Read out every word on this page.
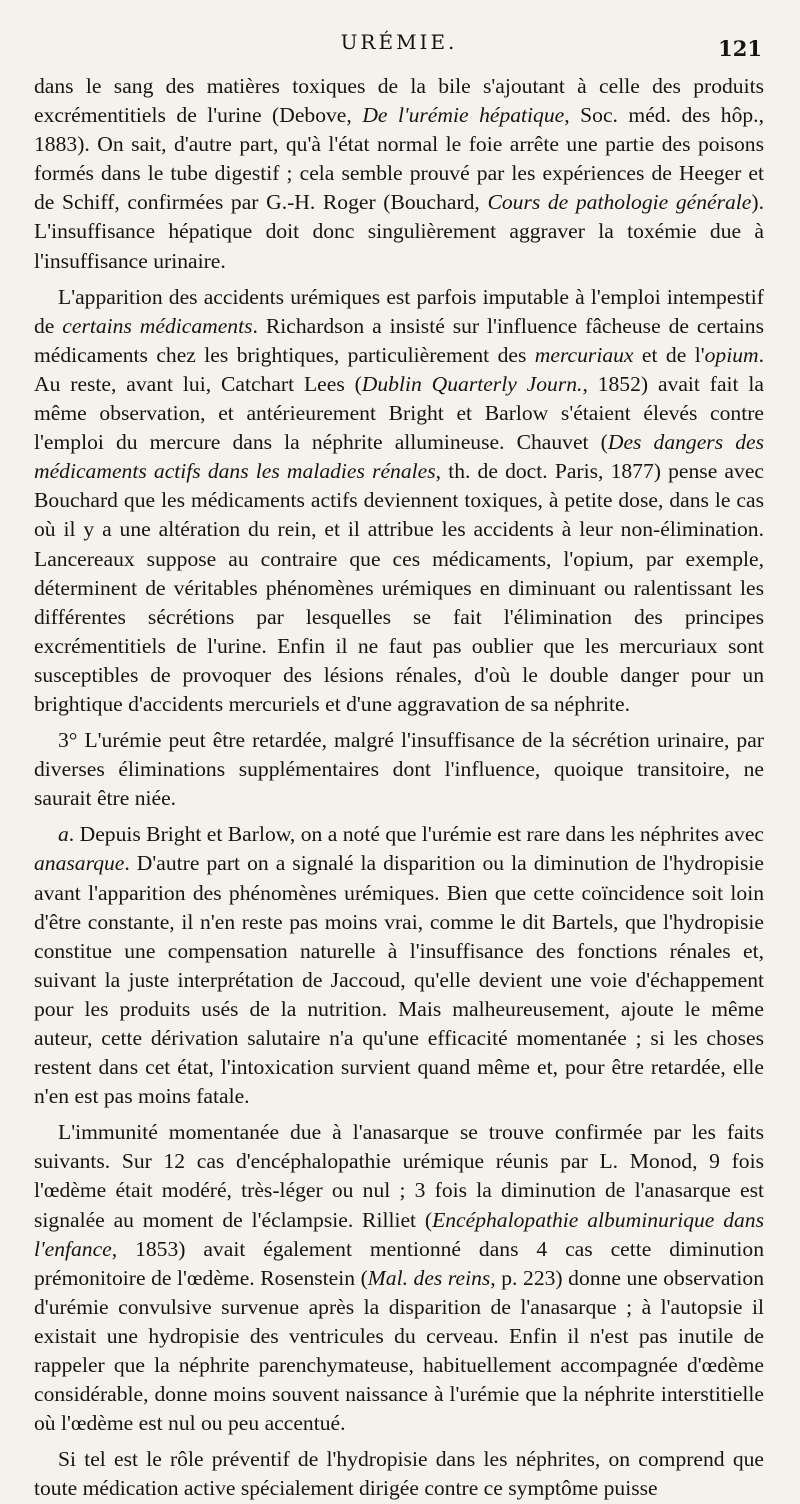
URÉMIE.	121

dans le sang des matières toxiques de la bile s'ajoutant à celle des produits excrémentitiels de l'urine (Debove, De l'urémie hépatique, Soc. méd. des hôp., 1883). On sait, d'autre part, qu'à l'état normal le foie arrête une partie des poisons formés dans le tube digestif ; cela semble prouvé par les expériences de Heeger et de Schiff, confirmées par G.-H. Roger (Bouchard, Cours de pathologie générale). L'insuffisance hépatique doit donc singulièrement aggraver la toxémie due à l'insuffisance urinaire.

L'apparition des accidents urémiques est parfois imputable à l'emploi intempestif de certains médicaments. Richardson a insisté sur l'influence fâcheuse de certains médicaments chez les brightiques, particulièrement des mercuriaux et de l'opium. Au reste, avant lui, Catchart Lees (Dublin Quarterly Journ., 1852) avait fait la même observation, et antérieurement Bright et Barlow s'étaient élevés contre l'emploi du mercure dans la néphrite allumineuse. Chauvet (Des dangers des médicaments actifs dans les maladies rénales, th. de doct. Paris, 1877) pense avec Bouchard que les médicaments actifs deviennent toxiques, à petite dose, dans le cas où il y a une altération du rein, et il attribue les accidents à leur non-élimination. Lancereaux suppose au contraire que ces médicaments, l'opium, par exemple, déterminent de véritables phénomènes urémiques en diminuant ou ralentissant les différentes sécrétions par lesquelles se fait l'élimination des principes excrémentitiels de l'urine. Enfin il ne faut pas oublier que les mercuriaux sont susceptibles de provoquer des lésions rénales, d'où le double danger pour un brightique d'accidents mercuriels et d'une aggravation de sa néphrite.

3° L'urémie peut être retardée, malgré l'insuffisance de la sécrétion urinaire, par diverses éliminations supplémentaires dont l'influence, quoique transitoire, ne saurait être niée.

a. Depuis Bright et Barlow, on a noté que l'urémie est rare dans les néphrites avec anasarque. D'autre part on a signalé la disparition ou la diminution de l'hydropisie avant l'apparition des phénomènes urémiques. Bien que cette coïncidence soit loin d'être constante, il n'en reste pas moins vrai, comme le dit Bartels, que l'hydropisie constitue une compensation naturelle à l'insuffisance des fonctions rénales et, suivant la juste interprétation de Jaccoud, qu'elle devient une voie d'échappement pour les produits usés de la nutrition. Mais malheureusement, ajoute le même auteur, cette dérivation salutaire n'a qu'une efficacité momentanée ; si les choses restent dans cet état, l'intoxication survient quand même et, pour être retardée, elle n'en est pas moins fatale.

L'immunité momentanée due à l'anasarque se trouve confirmée par les faits suivants. Sur 12 cas d'encéphalopathie urémique réunis par L. Monod, 9 fois l'œdème était modéré, très-léger ou nul ; 3 fois la diminution de l'anasarque est signalée au moment de l'éclampsie. Rilliet (Encéphalopathie albuminurique dans l'enfance, 1853) avait également mentionné dans 4 cas cette diminution prémonitoire de l'œdème. Rosenstein (Mal. des reins, p. 223) donne une observation d'urémie convulsive survenue après la disparition de l'anasarque ; à l'autopsie il existait une hydropisie des ventricules du cerveau. Enfin il n'est pas inutile de rappeler que la néphrite parenchymateuse, habituellement accompagnée d'œdème considérable, donne moins souvent naissance à l'urémie que la néphrite interstitielle où l'œdème est nul ou peu accentué.

Si tel est le rôle préventif de l'hydropisie dans les néphrites, on comprend que toute médication active spécialement dirigée contre ce symptôme puisse
